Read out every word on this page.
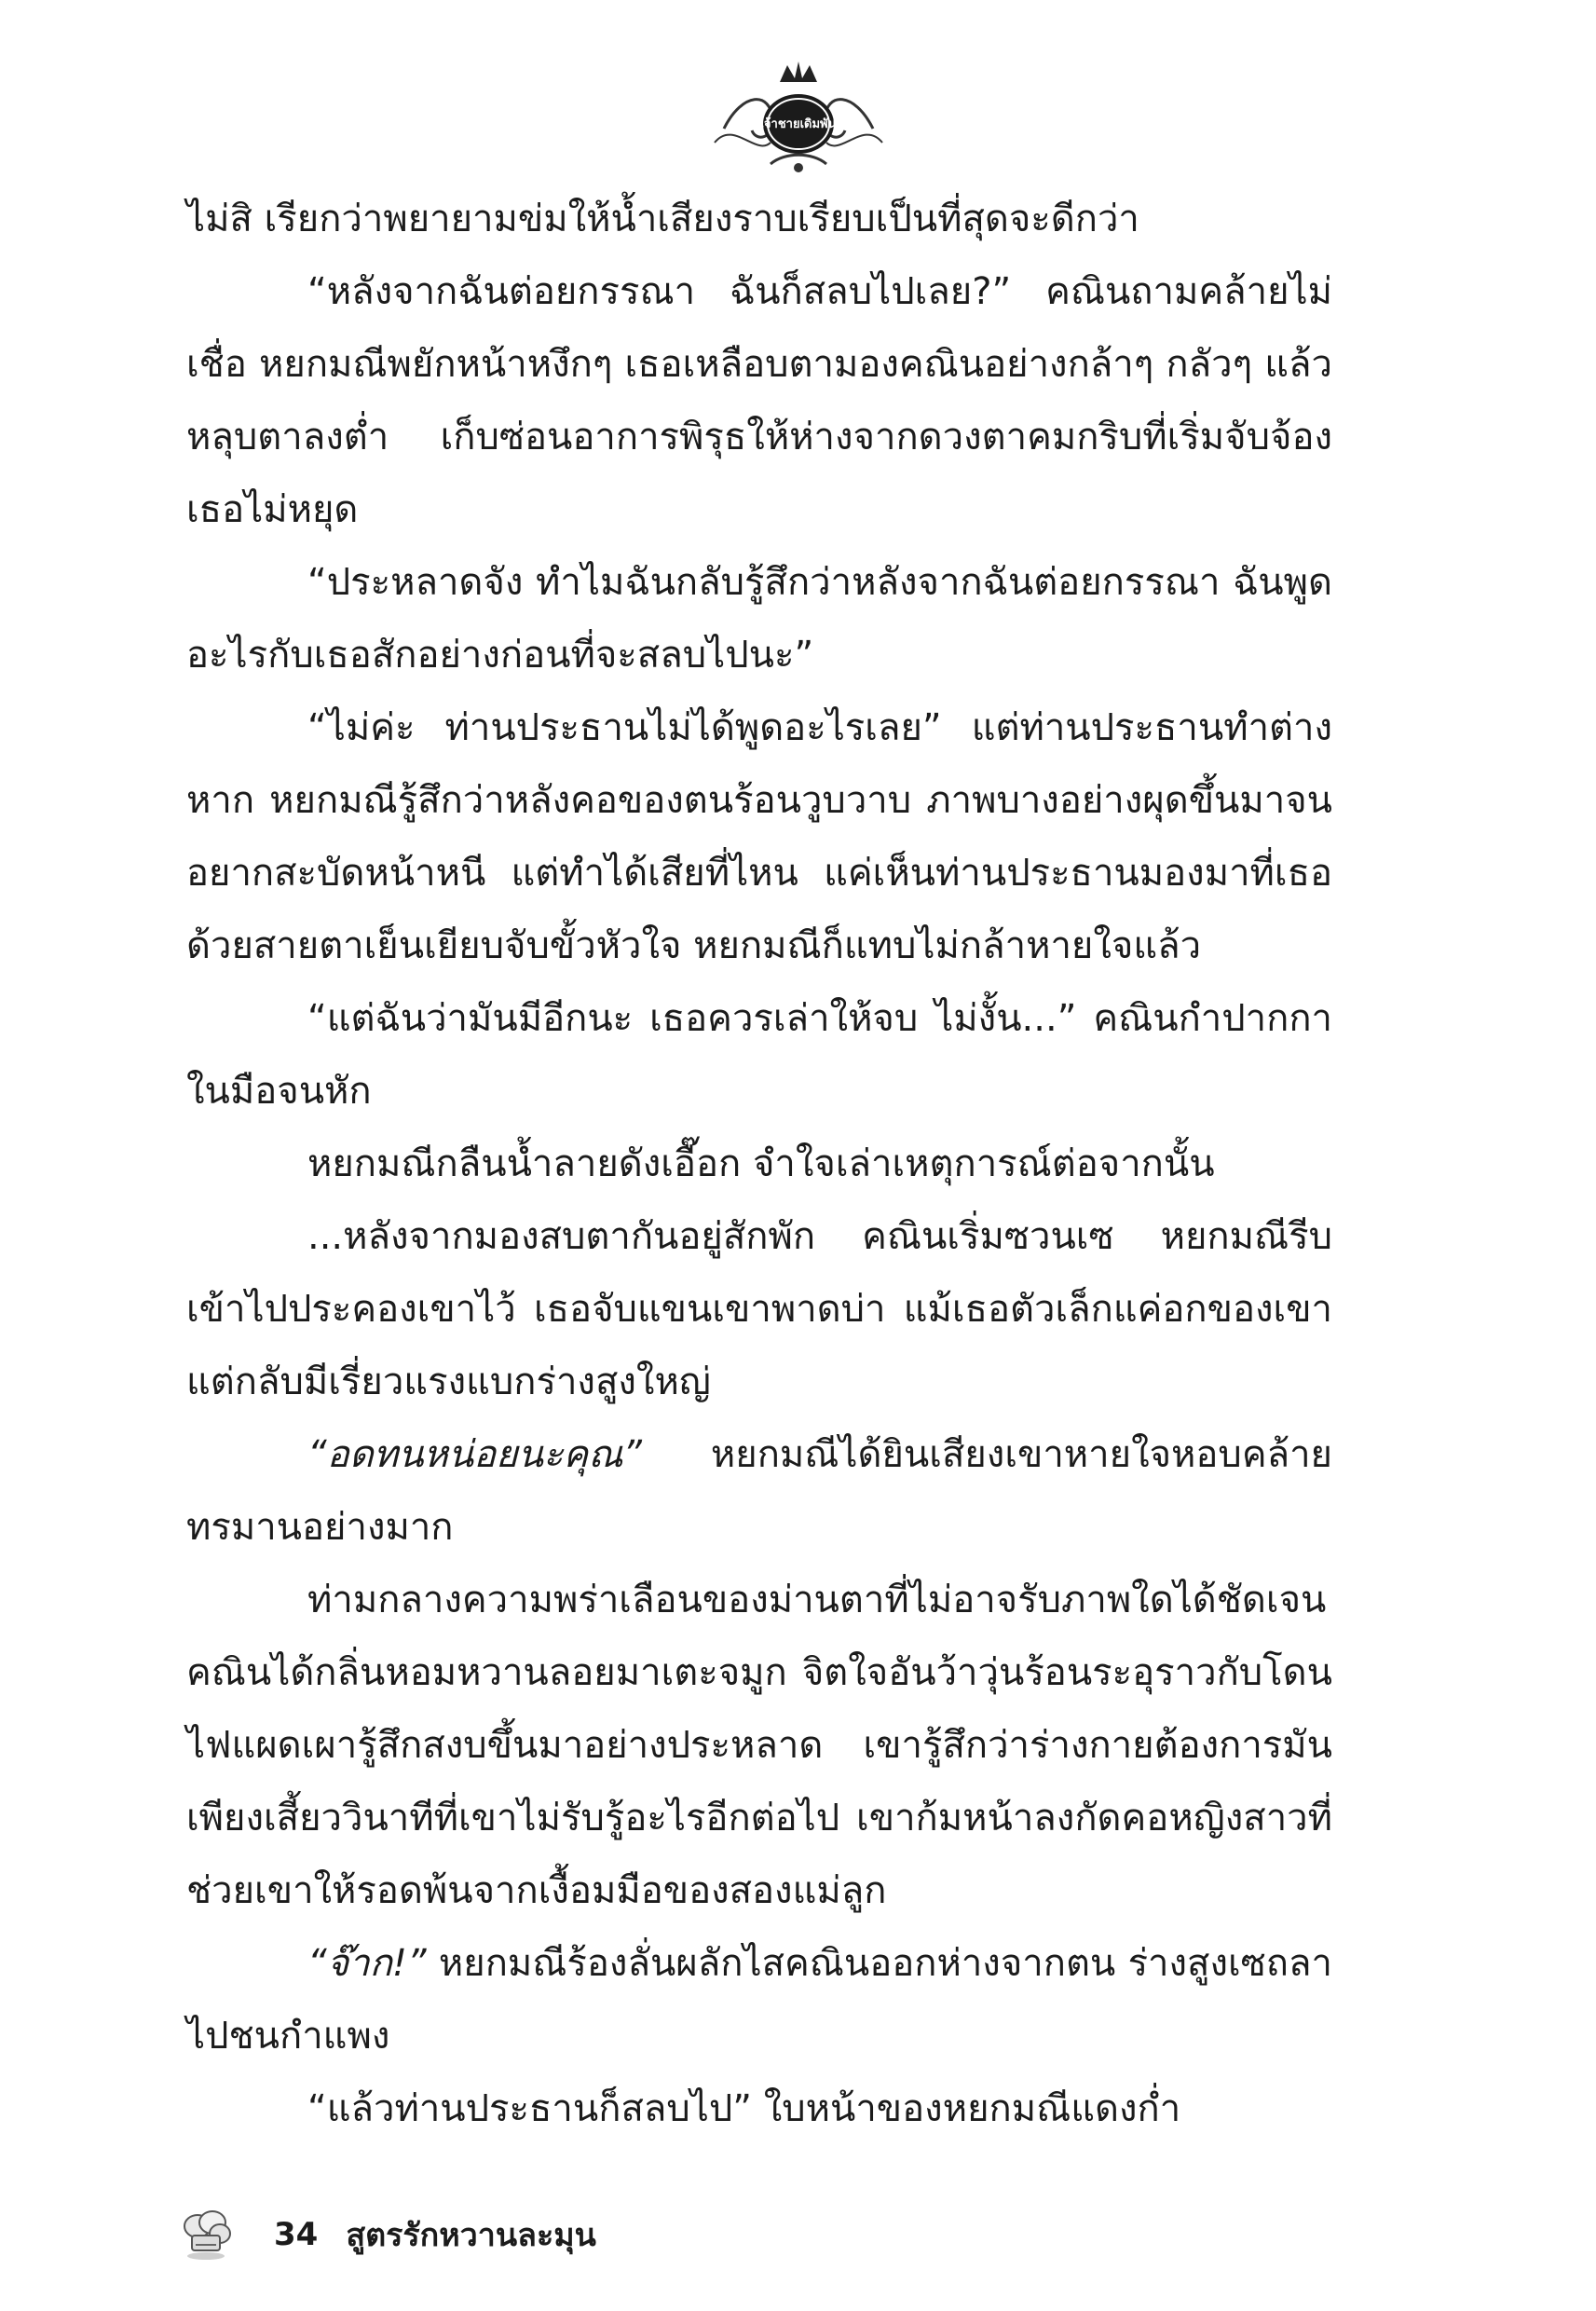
เจ้าชายเดิมพัน

ไม่สิ เรียกว่าพยายามข่มให้น้ำเสียงราบเรียบเป็นที่สุดจะดีกว่า

“หลังจากฉันต่อยกรรณา ฉันก็สลบไปเลย?” คณินถามคล้ายไม่เชื่อ หยกมณีพยักหน้าหงึกๆ เธอเหลือบตามองคณินอย่างกล้าๆ กลัวๆ แล้วหลุบตาลงต่ำ เก็บซ่อนอาการพิรุธให้ห่างจากดวงตาคมกริบที่เริ่มจับจ้องเธอไม่หยุด

“ประหลาดจัง ทำไมฉันกลับรู้สึกว่าหลังจากฉันต่อยกรรณา ฉันพูดอะไรกับเธอสักอย่างก่อนที่จะสลบไปนะ”

“ไม่ค่ะ ท่านประธานไม่ได้พูดอะไรเลย” แต่ท่านประธานทำต่างหาก หยกมณีรู้สึกว่าหลังคอของตนร้อนวูบวาบ ภาพบางอย่างผุดขึ้นมาจนอยากสะบัดหน้าหนี แต่ทำได้เสียที่ไหน แค่เห็นท่านประธานมองมาที่เธอด้วยสายตาเย็นเยียบจับขั้วหัวใจ หยกมณีก็แทบไม่กล้าหายใจแล้ว

“แต่ฉันว่ามันมีอีกนะ เธอควรเล่าให้จบ ไม่งั้น...” คณินกำปากกาในมือจนหัก

หยกมณีกลืนน้ำลายดังเอื๊อก จำใจเล่าเหตุการณ์ต่อจากนั้น

...หลังจากมองสบตากันอยู่สักพัก คณินเริ่มซวนเซ หยกมณีรีบเข้าไปประคองเขาไว้ เธอจับแขนเขาพาดบ่า แม้เธอตัวเล็กแค่อกของเขา แต่กลับมีเรี่ยวแรงแบกร่างสูงใหญ่

“อดทนหน่อยนะคุณ” หยกมณีได้ยินเสียงเขาหายใจหอบคล้ายทรมานอย่างมาก

ท่ามกลางความพร่าเลือนของม่านตาที่ไม่อาจรับภาพใดได้ชัดเจน คณินได้กลิ่นหอมหวานลอยมาเตะจมูก จิตใจอันว้าวุ่นร้อนระอุราวกับโดนไฟแผดเผารู้สึกสงบขึ้นมาอย่างประหลาด เขารู้สึกว่าร่างกายต้องการมัน เพียงเสี้ยววินาทีที่เขาไม่รับรู้อะไรอีกต่อไป เขาก้มหน้าลงกัดคอหญิงสาวที่ช่วยเขาให้รอดพ้นจากเงื้อมมือของสองแม่ลูก

“จ๊าก!” หยกมณีร้องลั่นผลักไสคณินออกห่างจากตน ร่างสูงเซถลาไปชนกำแพง

“แล้วท่านประธานก็สลบไป” ใบหน้าของหยกมณีแดงก่ำ

34 สูตรรักหวานละมุน
